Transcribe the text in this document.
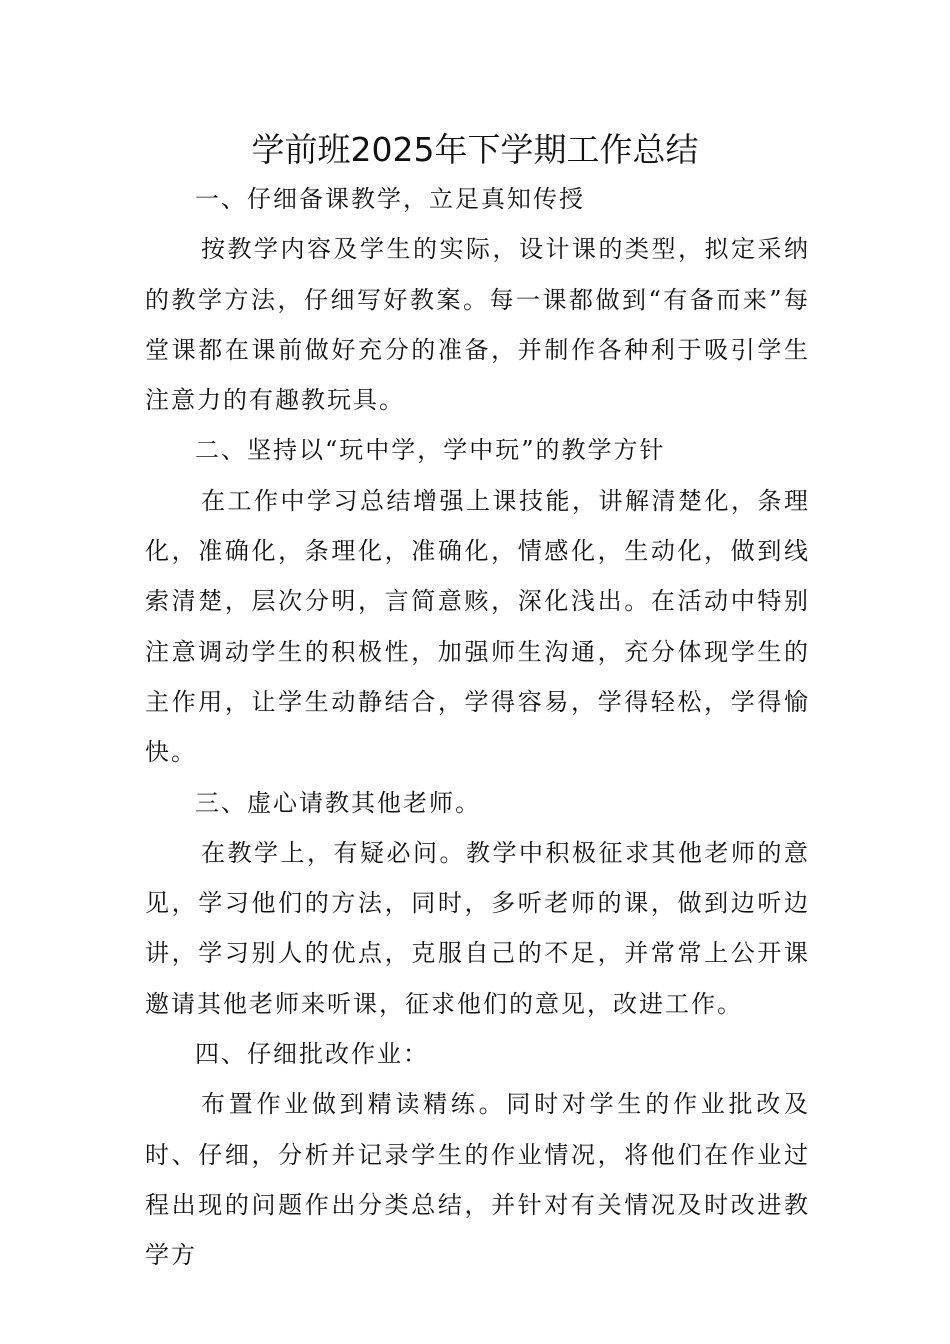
学前班2025年下学期工作总结

一、仔细备课教学，立足真知传授

按教学内容及学生的实际，设计课的类型，拟定采纳的教学方法，仔细写好教案。每一课都做到“有备而来”每堂课都在课前做好充分的准备，并制作各种利于吸引学生注意力的有趣教玩具。

二、坚持以“玩中学，学中玩”的教学方针

在工作中学习总结增强上课技能，讲解清楚化，条理化，准确化，条理化，准确化，情感化，生动化，做到线索清楚，层次分明，言简意赅，深化浅出。在活动中特别注意调动学生的积极性，加强师生沟通，充分体现学生的主作用，让学生动静结合，学得容易，学得轻松，学得愉快。

三、虚心请教其他老师。

在教学上，有疑必问。教学中积极征求其他老师的意见，学习他们的方法，同时，多听老师的课，做到边听边讲，学习别人的优点，克服自己的不足，并常常上公开课邀请其他老师来听课，征求他们的意见，改进工作。

四、仔细批改作业：

布置作业做到精读精练。同时对学生的作业批改及时、仔细，分析并记录学生的作业情况，将他们在作业过程出现的问题作出分类总结，并针对有关情况及时改进教学方
